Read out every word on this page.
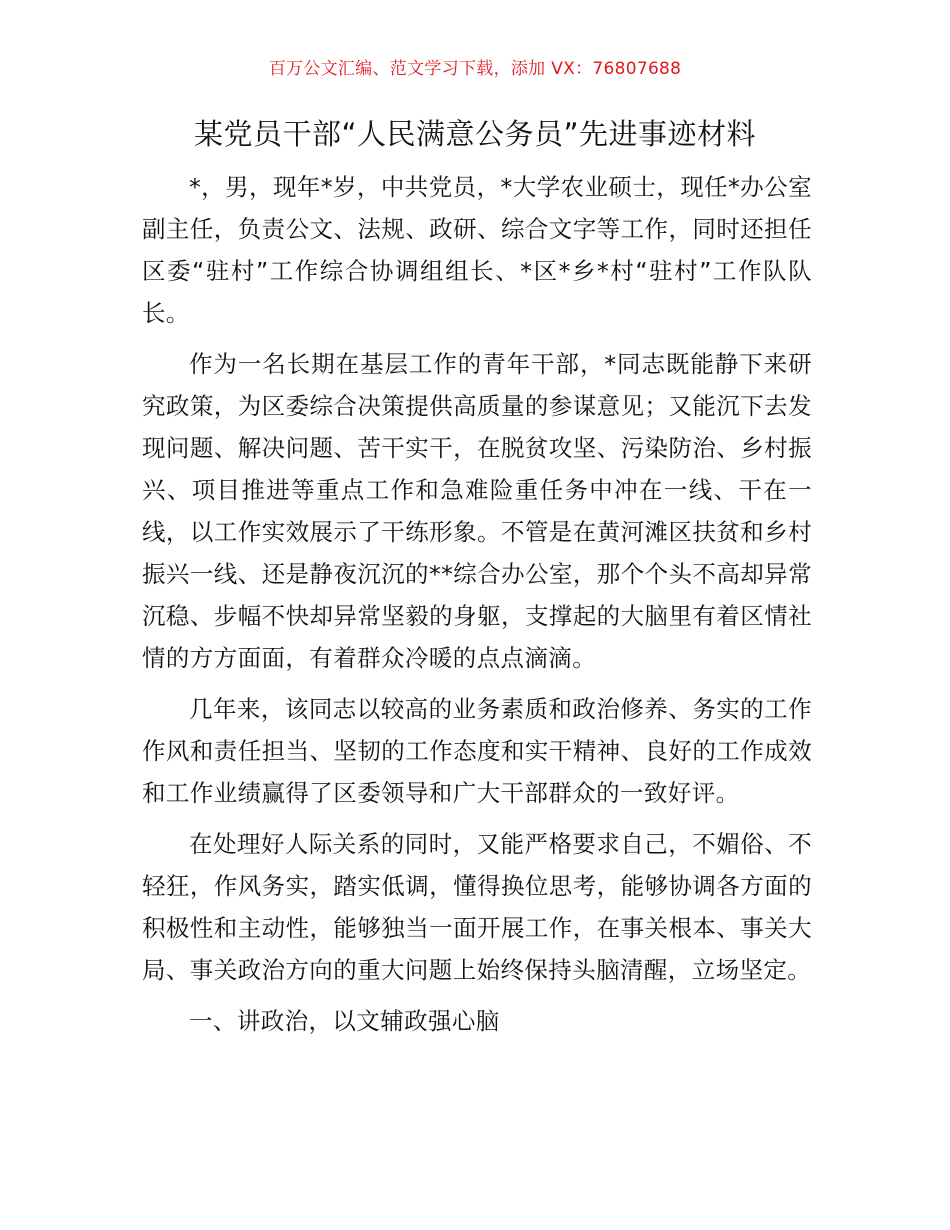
百万公文汇编、范文学习下载，添加 VX：76807688
某党员干部“人民满意公务员”先进事迹材料

*，男，现年*岁，中共党员，*大学农业硕士，现任*办公室副主任，负责公文、法规、政研、综合文字等工作，同时还担任区委“驻村”工作综合协调组组长、*区*乡*村“驻村”工作队队长。

作为一名长期在基层工作的青年干部，*同志既能静下来研究政策，为区委综合决策提供高质量的参谋意见；又能沉下去发现问题、解决问题、苦干实干，在脱贫攻坚、污染防治、乡村振兴、项目推进等重点工作和急难险重任务中冲在一线、干在一线，以工作实效展示了干练形象。不管是在黄河滩区扶贫和乡村振兴一线、还是静夜沉沉的**综合办公室，那个个头不高却异常沉稳、步幅不快却异常坚毅的身躯，支撑起的大脑里有着区情社情的方方面面，有着群众冷暖的点点滴滴。

几年来，该同志以较高的业务素质和政治修养、务实的工作作风和责任担当、坚韧的工作态度和实干精神、良好的工作成效和工作业绩赢得了区委领导和广大干部群众的一致好评。

在处理好人际关系的同时，又能严格要求自己，不媚俗、不轻狂，作风务实，踏实低调，懂得换位思考，能够协调各方面的积极性和主动性，能够独当一面开展工作，在事关根本、事关大局、事关政治方向的重大问题上始终保持头脑清醒，立场坚定。

一、讲政治，以文辅政强心脑
